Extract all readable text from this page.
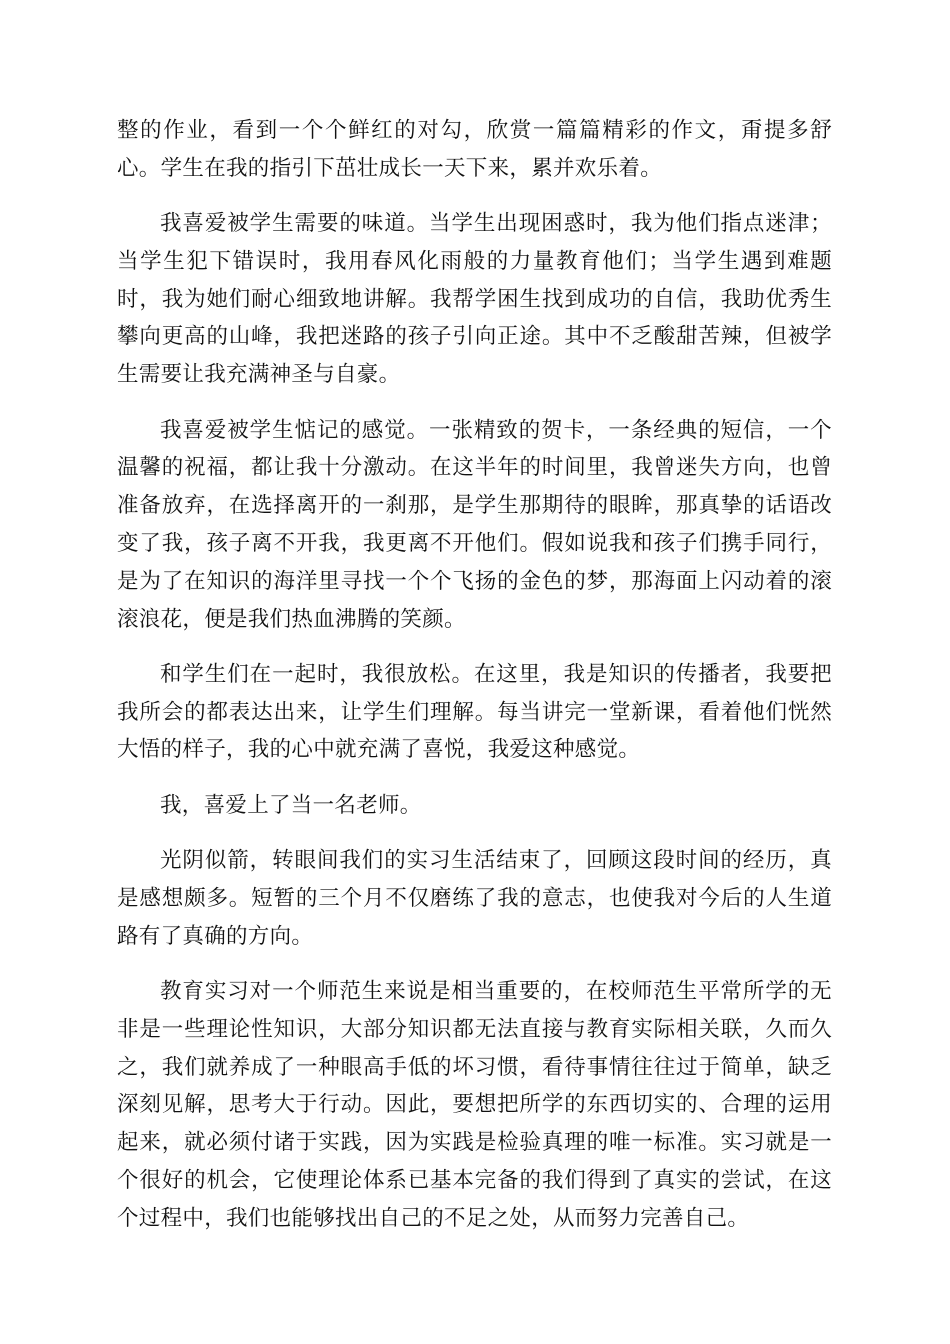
整的作业，看到一个个鲜红的对勾，欣赏一篇篇精彩的作文，甭提多舒心。学生在我的指引下茁壮成长一天下来，累并欢乐着。

我喜爱被学生需要的味道。当学生出现困惑时，我为他们指点迷津；当学生犯下错误时，我用春风化雨般的力量教育他们；当学生遇到难题时，我为她们耐心细致地讲解。我帮学困生找到成功的自信，我助优秀生攀向更高的山峰，我把迷路的孩子引向正途。其中不乏酸甜苦辣，但被学生需要让我充满神圣与自豪。

我喜爱被学生惦记的感觉。一张精致的贺卡，一条经典的短信，一个温馨的祝福，都让我十分激动。在这半年的时间里，我曾迷失方向，也曾准备放弃，在选择离开的一刹那，是学生那期待的眼眸，那真挚的话语改变了我，孩子离不开我，我更离不开他们。假如说我和孩子们携手同行，是为了在知识的海洋里寻找一个个飞扬的金色的梦，那海面上闪动着的滚滚浪花，便是我们热血沸腾的笑颜。

和学生们在一起时，我很放松。在这里，我是知识的传播者，我要把我所会的都表达出来，让学生们理解。每当讲完一堂新课，看着他们恍然大悟的样子，我的心中就充满了喜悦，我爱这种感觉。

我，喜爱上了当一名老师。

光阴似箭，转眼间我们的实习生活结束了，回顾这段时间的经历，真是感想颇多。短暂的三个月不仅磨练了我的意志，也使我对今后的人生道路有了真确的方向。

教育实习对一个师范生来说是相当重要的，在校师范生平常所学的无非是一些理论性知识，大部分知识都无法直接与教育实际相关联，久而久之，我们就养成了一种眼高手低的坏习惯，看待事情往往过于简单，缺乏深刻见解，思考大于行动。因此，要想把所学的东西切实的、合理的运用起来，就必须付诸于实践，因为实践是检验真理的唯一标准。实习就是一个很好的机会，它使理论体系已基本完备的我们得到了真实的尝试，在这个过程中，我们也能够找出自己的不足之处，从而努力完善自己。
